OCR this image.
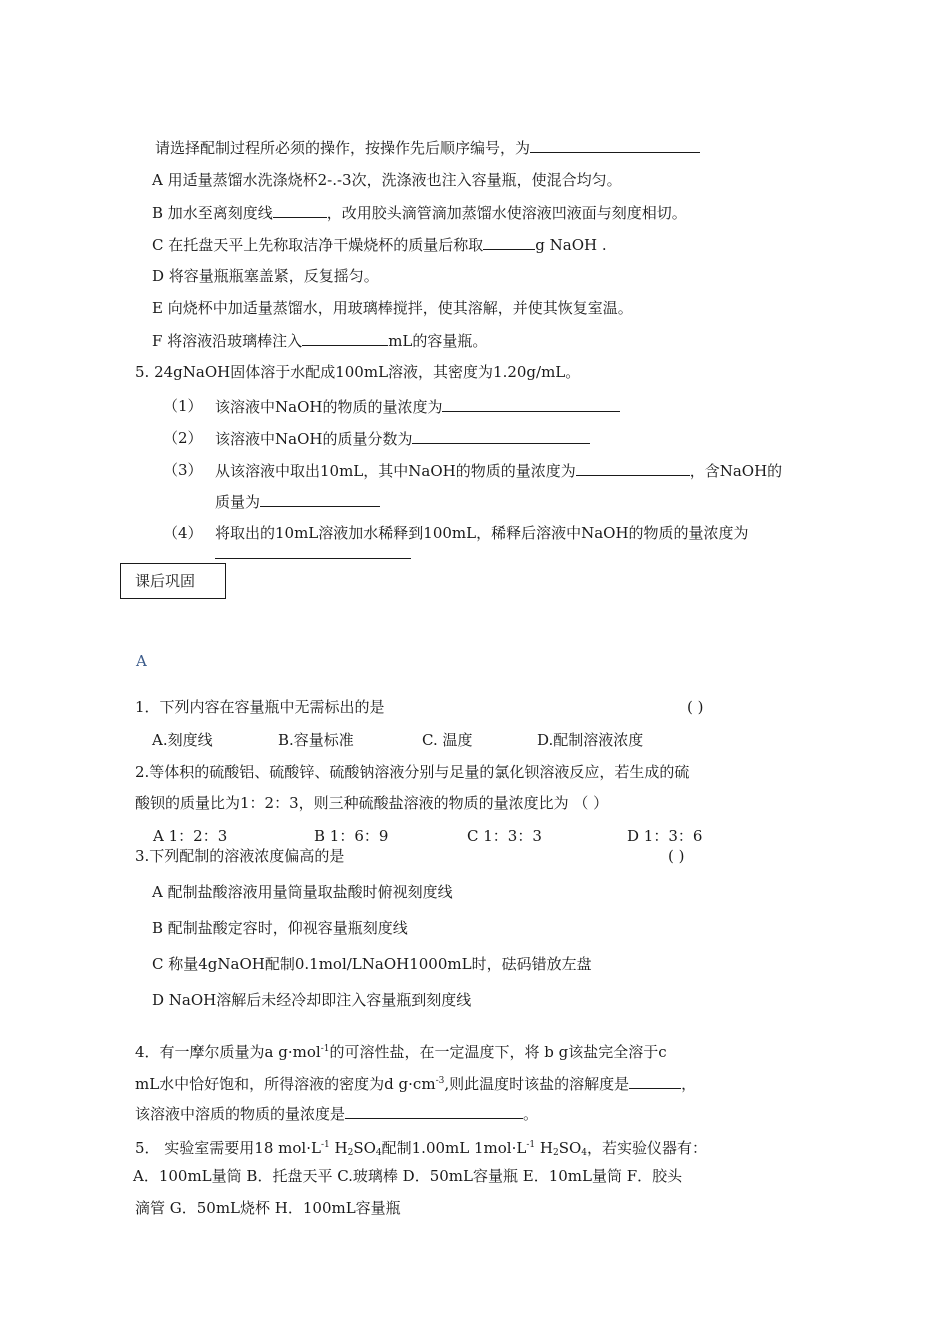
请选择配制过程所必须的操作，按操作先后顺序编号，为
A 用适量蒸馏水洗涤烧杯2-.-3次，洗涤液也注入容量瓶，使混合均匀。
B 加水至离刻度线	，改用胶头滴管滴加蒸馏水使溶液凹液面与刻度相切。
C 在托盘天平上先称取洁净干燥烧杯的质量后称取	g NaOH .
D 将容量瓶瓶塞盖紧，反复摇匀。
E 向烧杯中加适量蒸馏水，用玻璃棒搅拌，使其溶解，并使其恢复室温。
F 将溶液沿玻璃棒注入	mL的容量瓶。
5. 24gNaOH固体溶于水配成100mL溶液，其密度为1.20g/mL。
（1） 该溶液中NaOH的物质的量浓度为
（2） 该溶液中NaOH的质量分数为
（3） 从该溶液中取出10mL，其中NaOH的物质的量浓度为	，含NaOH的
质量为
（4） 将取出的10mL溶液加水稀释到100mL，稀释后溶液中NaOH的物质的量浓度为
课后巩固
A
1．下列内容在容量瓶中无需标出的是	( )
A.刻度线	B.容量标准	C. 温度	D.配制溶液浓度
2.等体积的硫酸铝、硫酸锌、硫酸钠溶液分别与足量的氯化钡溶液反应，若生成的硫
酸钡的质量比为1：2：3，则三种硫酸盐溶液的物质的量浓度比为 （ ）
A 1：2：3	B 1：6：9	C 1：3：3	D 1：3：6
3.下列配制的溶液浓度偏高的是	( )
A 配制盐酸溶液用量筒量取盐酸时俯视刻度线
B 配制盐酸定容时，仰视容量瓶刻度线
C 称量4gNaOH配制0.1mol/LNaOH1000mL时，砝码错放左盘
D NaOH溶解后未经冷却即注入容量瓶到刻度线
4．有一摩尔质量为a g·mol$^{-1}$的可溶性盐，在一定温度下，将 b g该盐完全溶于c
mL水中恰好饱和，所得溶液的密度为d $g\cdot cm^{-3}$,则此温度时该盐的溶解度是	，
该溶液中溶质的物质的量浓度是	。
5． 实验室需要用18 $mol\cdot L^{-1}$ $H_2SO_4$配制1.00mL $1mol\cdot L^{-1}$ $H_2SO_4$，若实验仪器有：
A．100mL量筒 B．托盘天平 C.玻璃棒 D．50mL容量瓶 E．10mL量筒 F．胶头
滴管 G．50mL烧杯 H．100mL容量瓶
